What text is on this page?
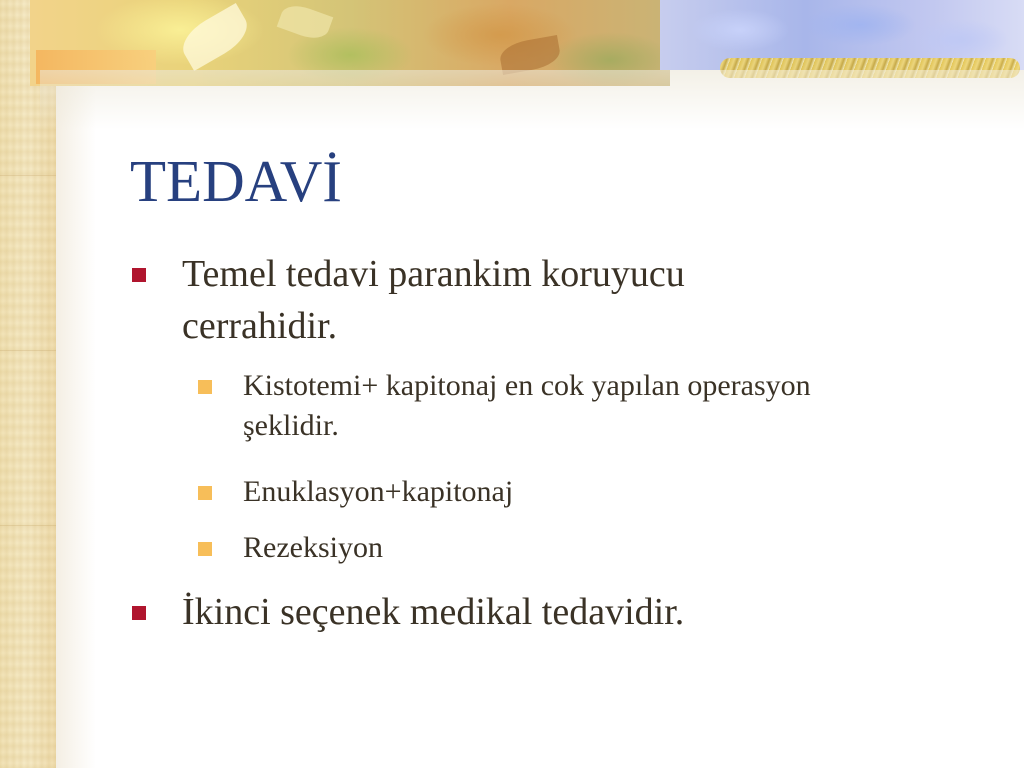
TEDAVİ
Temel tedavi parankim koruyucu cerrahidir.
Kistotemi+ kapitonaj en cok yapılan operasyon şeklidir.
Enuklasyon+kapitonaj
Rezeksiyon
İkinci seçenek medikal tedavidir.
